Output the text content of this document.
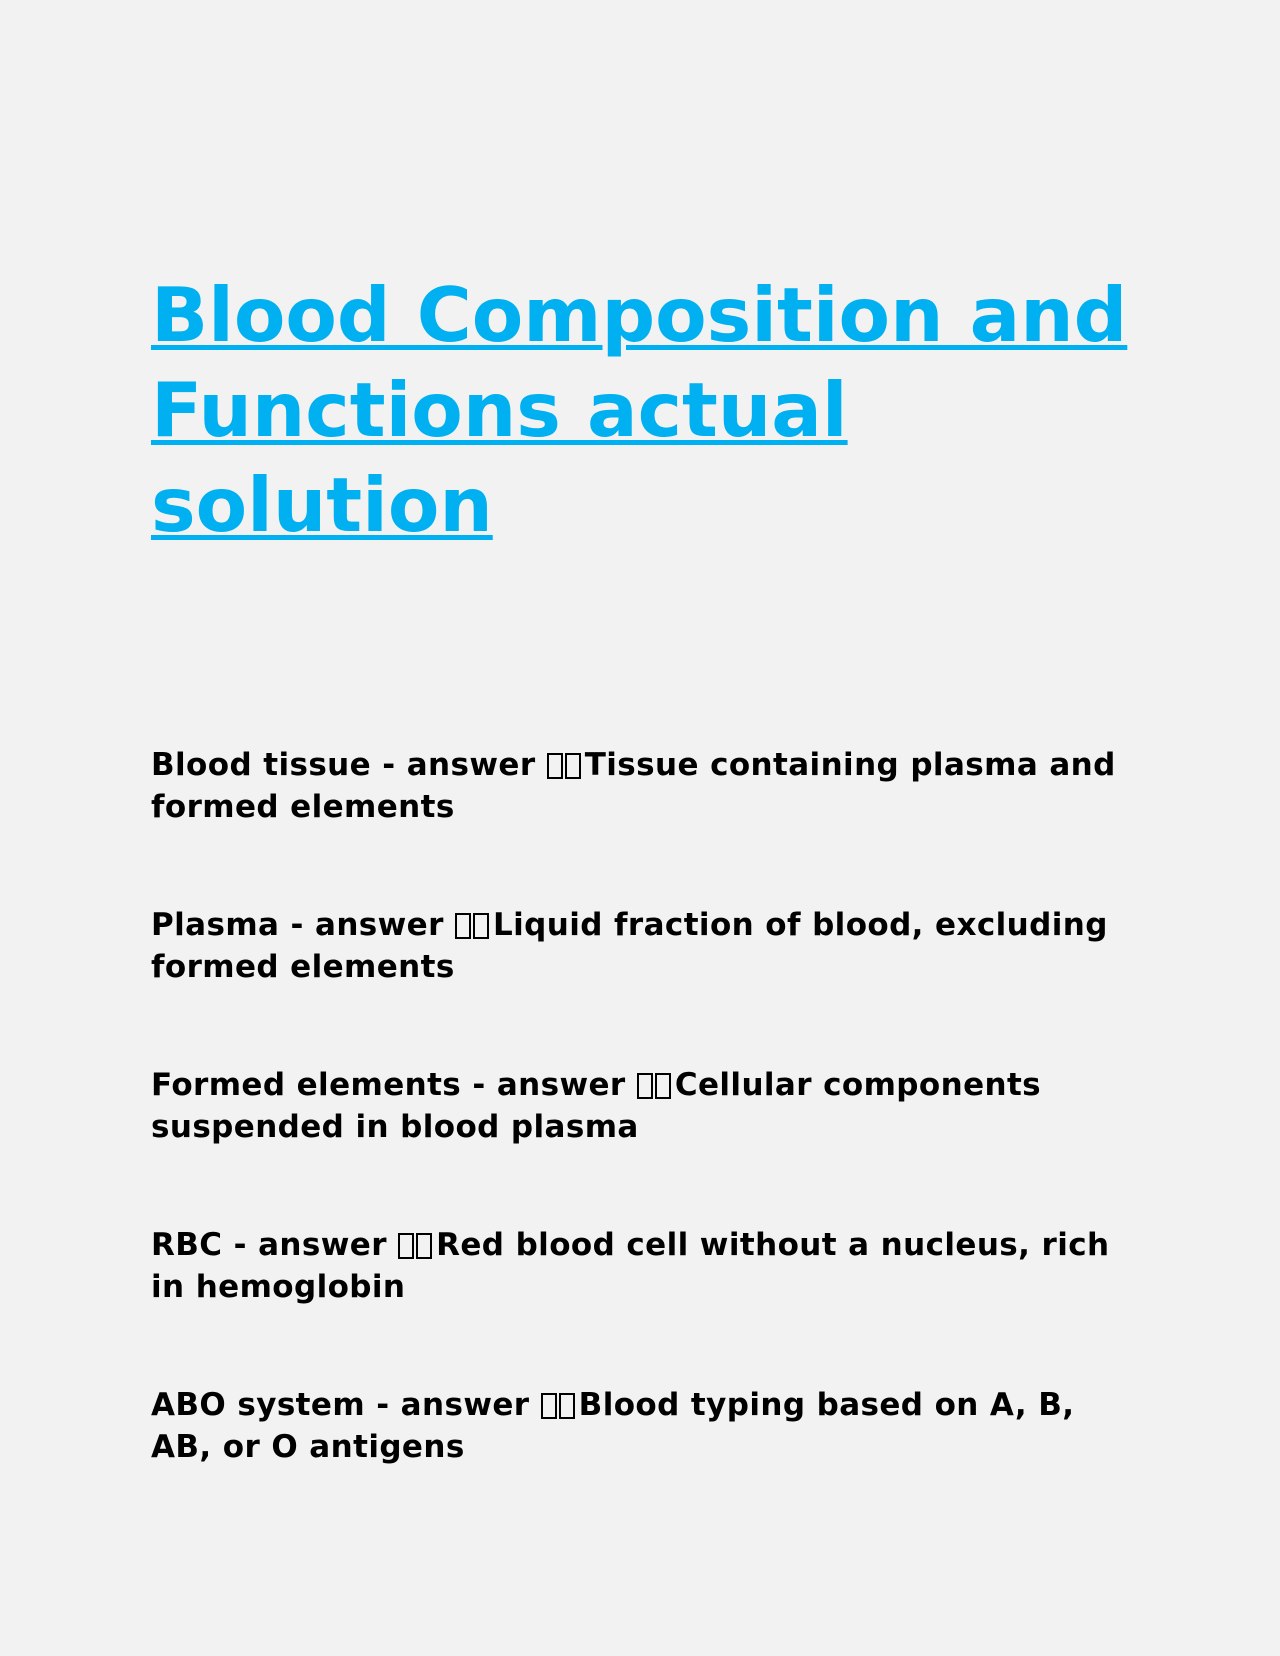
Blood Composition and Functions actual solution
Blood tissue - answer Tissue containing plasma and formed elements
Plasma - answer Liquid fraction of blood, excluding formed elements
Formed elements - answer Cellular components suspended in blood plasma
RBC - answer Red blood cell without a nucleus, rich in hemoglobin
ABO system - answer Blood typing based on A, B, AB, or O antigens
